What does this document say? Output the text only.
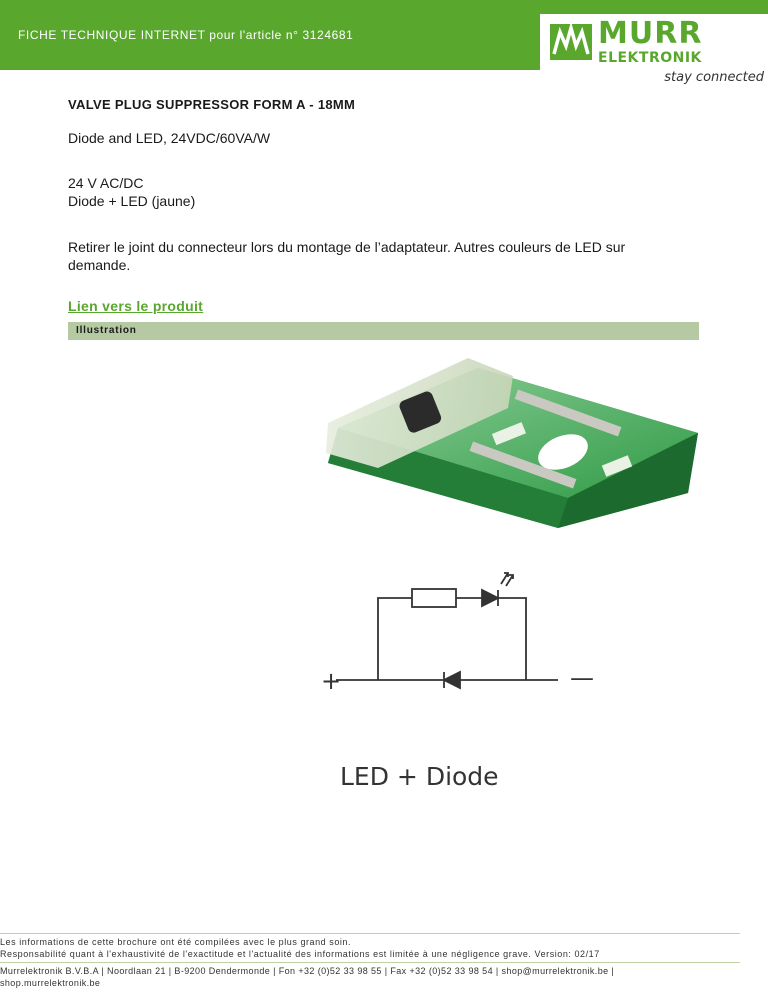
FICHE TECHNIQUE INTERNET pour l'article n° 3124681	MURR
ELEKTRONIK
stay connected
VALVE PLUG SUPPRESSOR FORM A - 18MM

Diode and LED, 24VDC/60VA/W

24 V AC/DC

Diode + LED (jaune)

Retirer le joint du connecteur lors du montage de l’adaptateur. Autres couleurs de LED sur

demande.

Lien vers le produit
Illustration
+	—
LED + Diode
Les informations de cette brochure ont été compilées avec le plus grand soin.
Responsabilité quant à l'exhaustivité de l'exactitude et l'actualité des informations est limitée à une négligence grave. Version: 02/17
Murrelektronik B.V.B.A | Noordlaan 21 | B-9200 Dendermonde | Fon +32 (0)52 33 98 55 | Fax +32 (0)52 33 98 54 | shop@murrelektronik.be |
shop.murrelektronik.be
